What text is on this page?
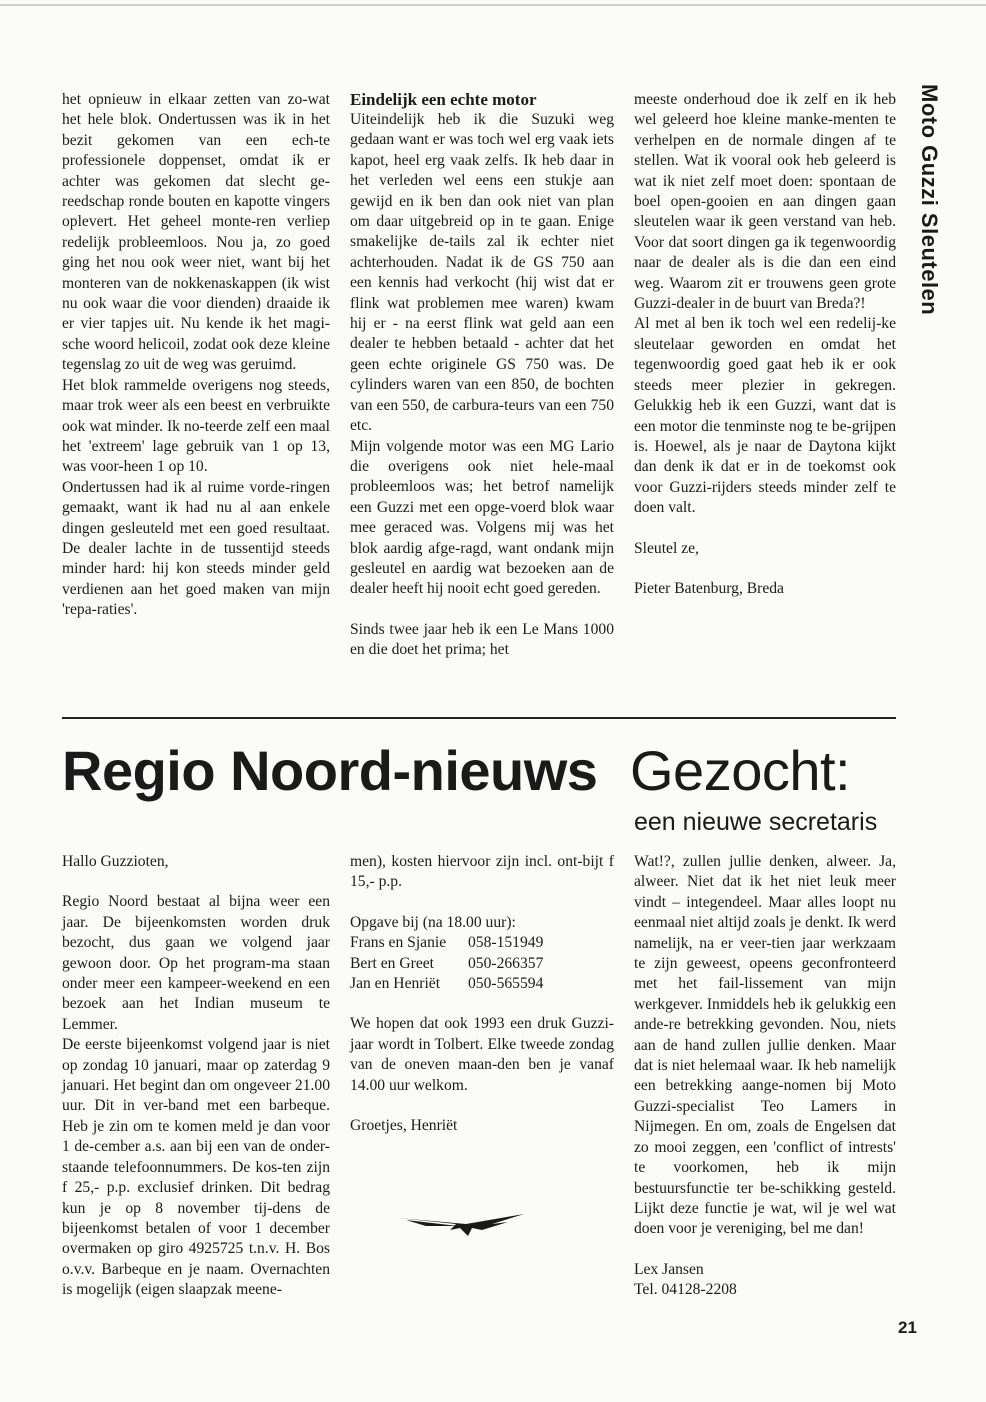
het opnieuw in elkaar zetten van zo-wat het hele blok. Ondertussen was ik in het bezit gekomen van een ech-te professionele doppenset, omdat ik er achter was gekomen dat slecht ge-reedschap ronde bouten en kapotte vingers oplevert. Het geheel monte-ren verliep redelijk probleemloos. Nou ja, zo goed ging het nou ook weer niet, want bij het monteren van de nokkenaskappen (ik wist nu ook waar die voor dienden) draaide ik er vier tapjes uit. Nu kende ik het magi-sche woord helicoil, zodat ook deze kleine tegenslag zo uit de weg was geruimd.

Het blok rammelde overigens nog steeds, maar trok weer als een beest en verbruikte ook wat minder. Ik no-teerde zelf een maal het 'extreem' lage gebruik van 1 op 13, was voor-heen 1 op 10.

Ondertussen had ik al ruime vorde-ringen gemaakt, want ik had nu al aan enkele dingen gesleuteld met een goed resultaat. De dealer lachte in de tussentijd steeds minder hard: hij kon steeds minder geld verdienen aan het goed maken van mijn 'repa-raties'.

Eindelijk een echte motor

Uiteindelijk heb ik die Suzuki weg gedaan want er was toch wel erg vaak iets kapot, heel erg vaak zelfs. Ik heb daar in het verleden wel eens een stukje aan gewijd en ik ben dan ook niet van plan om daar uitgebreid op in te gaan. Enige smakelijke de-tails zal ik echter niet achterhouden. Nadat ik de GS 750 aan een kennis had verkocht (hij wist dat er flink wat problemen mee waren) kwam hij er - na eerst flink wat geld aan een dealer te hebben betaald - achter dat het geen echte originele GS 750 was. De cylinders waren van een 850, de bochten van een 550, de carbura-teurs van een 750 etc.

Mijn volgende motor was een MG Lario die overigens ook niet hele-maal probleemloos was; het betrof namelijk een Guzzi met een opge-voerd blok waar mee geraced was. Volgens mij was het blok aardig afge-ragd, want ondank mijn gesleutel en aardig wat bezoeken aan de dealer heeft hij nooit echt goed gereden.

Sinds twee jaar heb ik een Le Mans 1000 en die doet het prima; het

meeste onderhoud doe ik zelf en ik heb wel geleerd hoe kleine manke-menten te verhelpen en de normale dingen af te stellen. Wat ik vooral ook heb geleerd is wat ik niet zelf moet doen: spontaan de boel open-gooien en aan dingen gaan sleutelen waar ik geen verstand van heb. Voor dat soort dingen ga ik tegenwoordig naar de dealer als is die dan een eind weg. Waarom zit er trouwens geen grote Guzzi-dealer in de buurt van Breda?!

Al met al ben ik toch wel een redelij-ke sleutelaar geworden en omdat het tegenwoordig goed gaat heb ik er ook steeds meer plezier in gekregen. Gelukkig heb ik een Guzzi, want dat is een motor die tenminste nog te be-grijpen is. Hoewel, als je naar de Daytona kijkt dan denk ik dat er in de toekomst ook voor Guzzi-rijders steeds minder zelf te doen valt.

Sleutel ze,

Pieter Batenburg, Breda

Moto Guzzi Sleutelen
Regio Noord-nieuws Gezocht:
een nieuwe secretaris

Hallo Guzzioten,

Regio Noord bestaat al bijna weer een jaar. De bijeenkomsten worden druk bezocht, dus gaan we volgend jaar gewoon door. Op het program-ma staan onder meer een kampeer-weekend en een bezoek aan het Indian museum te Lemmer.

De eerste bijeenkomst volgend jaar is niet op zondag 10 januari, maar op zaterdag 9 januari. Het begint dan om ongeveer 21.00 uur. Dit in ver-band met een barbeque. Heb je zin om te komen meld je dan voor 1 de-cember a.s. aan bij een van de onder-staande telefoonnummers. De kos-ten zijn f 25,- p.p. exclusief drinken. Dit bedrag kun je op 8 november tij-dens de bijeenkomst betalen of voor 1 december overmaken op giro 4925725 t.n.v. H. Bos o.v.v. Barbeque en je naam. Overnachten is mogelijk (eigen slaapzak meene-

men), kosten hiervoor zijn incl. ont-bijt f 15,- p.p.

Opgave bij (na 18.00 uur):

Frans en Sjanie	058-151949
Bert en Greet	050-266357
Jan en Henriët	050-565594

We hopen dat ook 1993 een druk Guzzi-jaar wordt in Tolbert. Elke tweede zondag van de oneven maan-den ben je vanaf 14.00 uur welkom.

Groetjes, Henriët

Wat!?, zullen jullie denken, alweer. Ja, alweer. Niet dat ik het niet leuk meer vindt – integendeel. Maar alles loopt nu eenmaal niet altijd zoals je denkt. Ik werd namelijk, na er veer-tien jaar werkzaam te zijn geweest, opeens geconfronteerd met het fail-lissement van mijn werkgever. Inmiddels heb ik gelukkig een ande-re betrekking gevonden. Nou, niets aan de hand zullen jullie denken. Maar dat is niet helemaal waar. Ik heb namelijk een betrekking aange-nomen bij Moto Guzzi-specialist Teo Lamers in Nijmegen. En om, zoals de Engelsen dat zo mooi zeggen, een 'conflict of intrests' te voorkomen, heb ik mijn bestuursfunctie ter be-schikking gesteld. Lijkt deze functie je wat, wil je wel wat doen voor je vereniging, bel me dan!

Lex Jansen

Tel. 04128-2208

21
